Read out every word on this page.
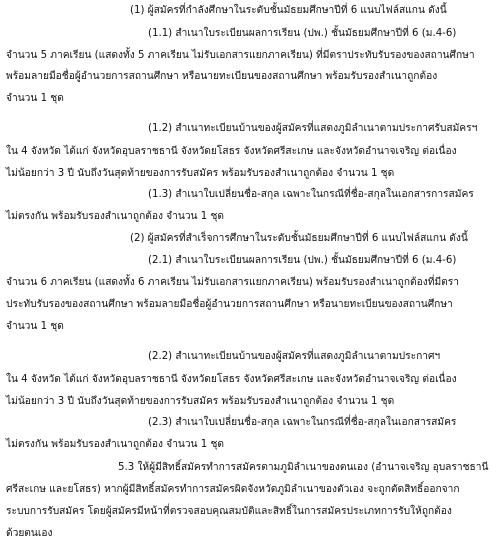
(1) ผู้สมัครที่กำลังศึกษาในระดับชั้นมัธยมศึกษาปีที่ 6 แนบไฟล์สแกน ดังนี้
(1.1) สำเนาใบระเบียนผลการเรียน (ปพ.) ชั้นมัธยมศึกษาปีที่ 6 (ม.4-6)
จำนวน 5 ภาคเรียน (แสดงทั้ง 5 ภาคเรียน ไม่รับเอกสารแยกภาคเรียน) ที่มีตราประทับรับรองของสถานศึกษา
พร้อมลายมือชื่อผู้อำนวยการสถานศึกษา หรือนายทะเบียนของสถานศึกษา พร้อมรับรองสำเนาถูกต้อง
จำนวน 1 ชุด
(1.2) สำเนาทะเบียนบ้านของผู้สมัครที่แสดงภูมิลำเนาตามประกาศรับสมัครฯ
ใน 4 จังหวัด ได้แก่ จังหวัดอุบลราชธานี จังหวัดยโสธร จังหวัดศรีสะเกษ และจังหวัดอำนาจเจริญ ต่อเนื่อง
ไม่น้อยกว่า 3 ปี นับถึงวันสุดท้ายของการรับสมัคร พร้อมรับรองสำเนาถูกต้อง จำนวน 1 ชุด
(1.3) สำเนาใบเปลี่ยนชื่อ-สกุล เฉพาะในกรณีที่ชื่อ-สกุลในเอกสารการสมัคร
ไม่ตรงกัน พร้อมรับรองสำเนาถูกต้อง จำนวน 1 ชุด
(2) ผู้สมัครที่สำเร็จการศึกษาในระดับชั้นมัธยมศึกษาปีที่ 6 แนบไฟล์สแกน ดังนี้
(2.1) สำเนาใบระเบียนผลการเรียน (ปพ.) ชั้นมัธยมศึกษาปีที่ 6 (ม.4-6)
จำนวน 6 ภาคเรียน (แสดงทั้ง 6 ภาคเรียน ไม่รับเอกสารแยกภาคเรียน) พร้อมรับรองสำเนาถูกต้องที่มีตรา
ประทับรับรองของสถานศึกษา พร้อมลายมือชื่อผู้อำนวยการสถานศึกษา หรือนายทะเบียนของสถานศึกษา
จำนวน 1 ชุด
(2.2) สำเนาทะเบียนบ้านของผู้สมัครที่แสดงภูมิลำเนาตามประกาศฯ
ใน 4 จังหวัด ได้แก่ จังหวัดอุบลราชธานี จังหวัดยโสธร จังหวัดศรีสะเกษ และจังหวัดอำนาจเจริญ ต่อเนื่อง
ไม่น้อยกว่า 3 ปี นับถึงวันสุดท้ายของการรับสมัคร พร้อมรับรองสำเนาถูกต้อง จำนวน 1 ชุด
(2.3) สำเนาใบเปลี่ยนชื่อ-สกุล เฉพาะในกรณีที่ชื่อ-สกุลในเอกสารสมัคร
ไม่ตรงกัน พร้อมรับรองสำเนาถูกต้อง จำนวน 1 ชุด
5.3 ให้ผู้มีสิทธิ์สมัครทำการสมัครตามภูมิลำเนาของตนเอง (อำนาจเจริญ อุบลราชธานี
ศรีสะเกษ และยโสธร) หากผู้มีสิทธิ์สมัครทำการสมัครผิดจังหวัดภูมิลำเนาของตัวเอง จะถูกตัดสิทธิ์ออกจาก
ระบบการรับสมัคร โดยผู้สมัครมีหน้าที่ตรวจสอบคุณสมบัติและสิทธิ์ในการสมัครประเภทการรับให้ถูกต้อง
ด้วยตนเอง
